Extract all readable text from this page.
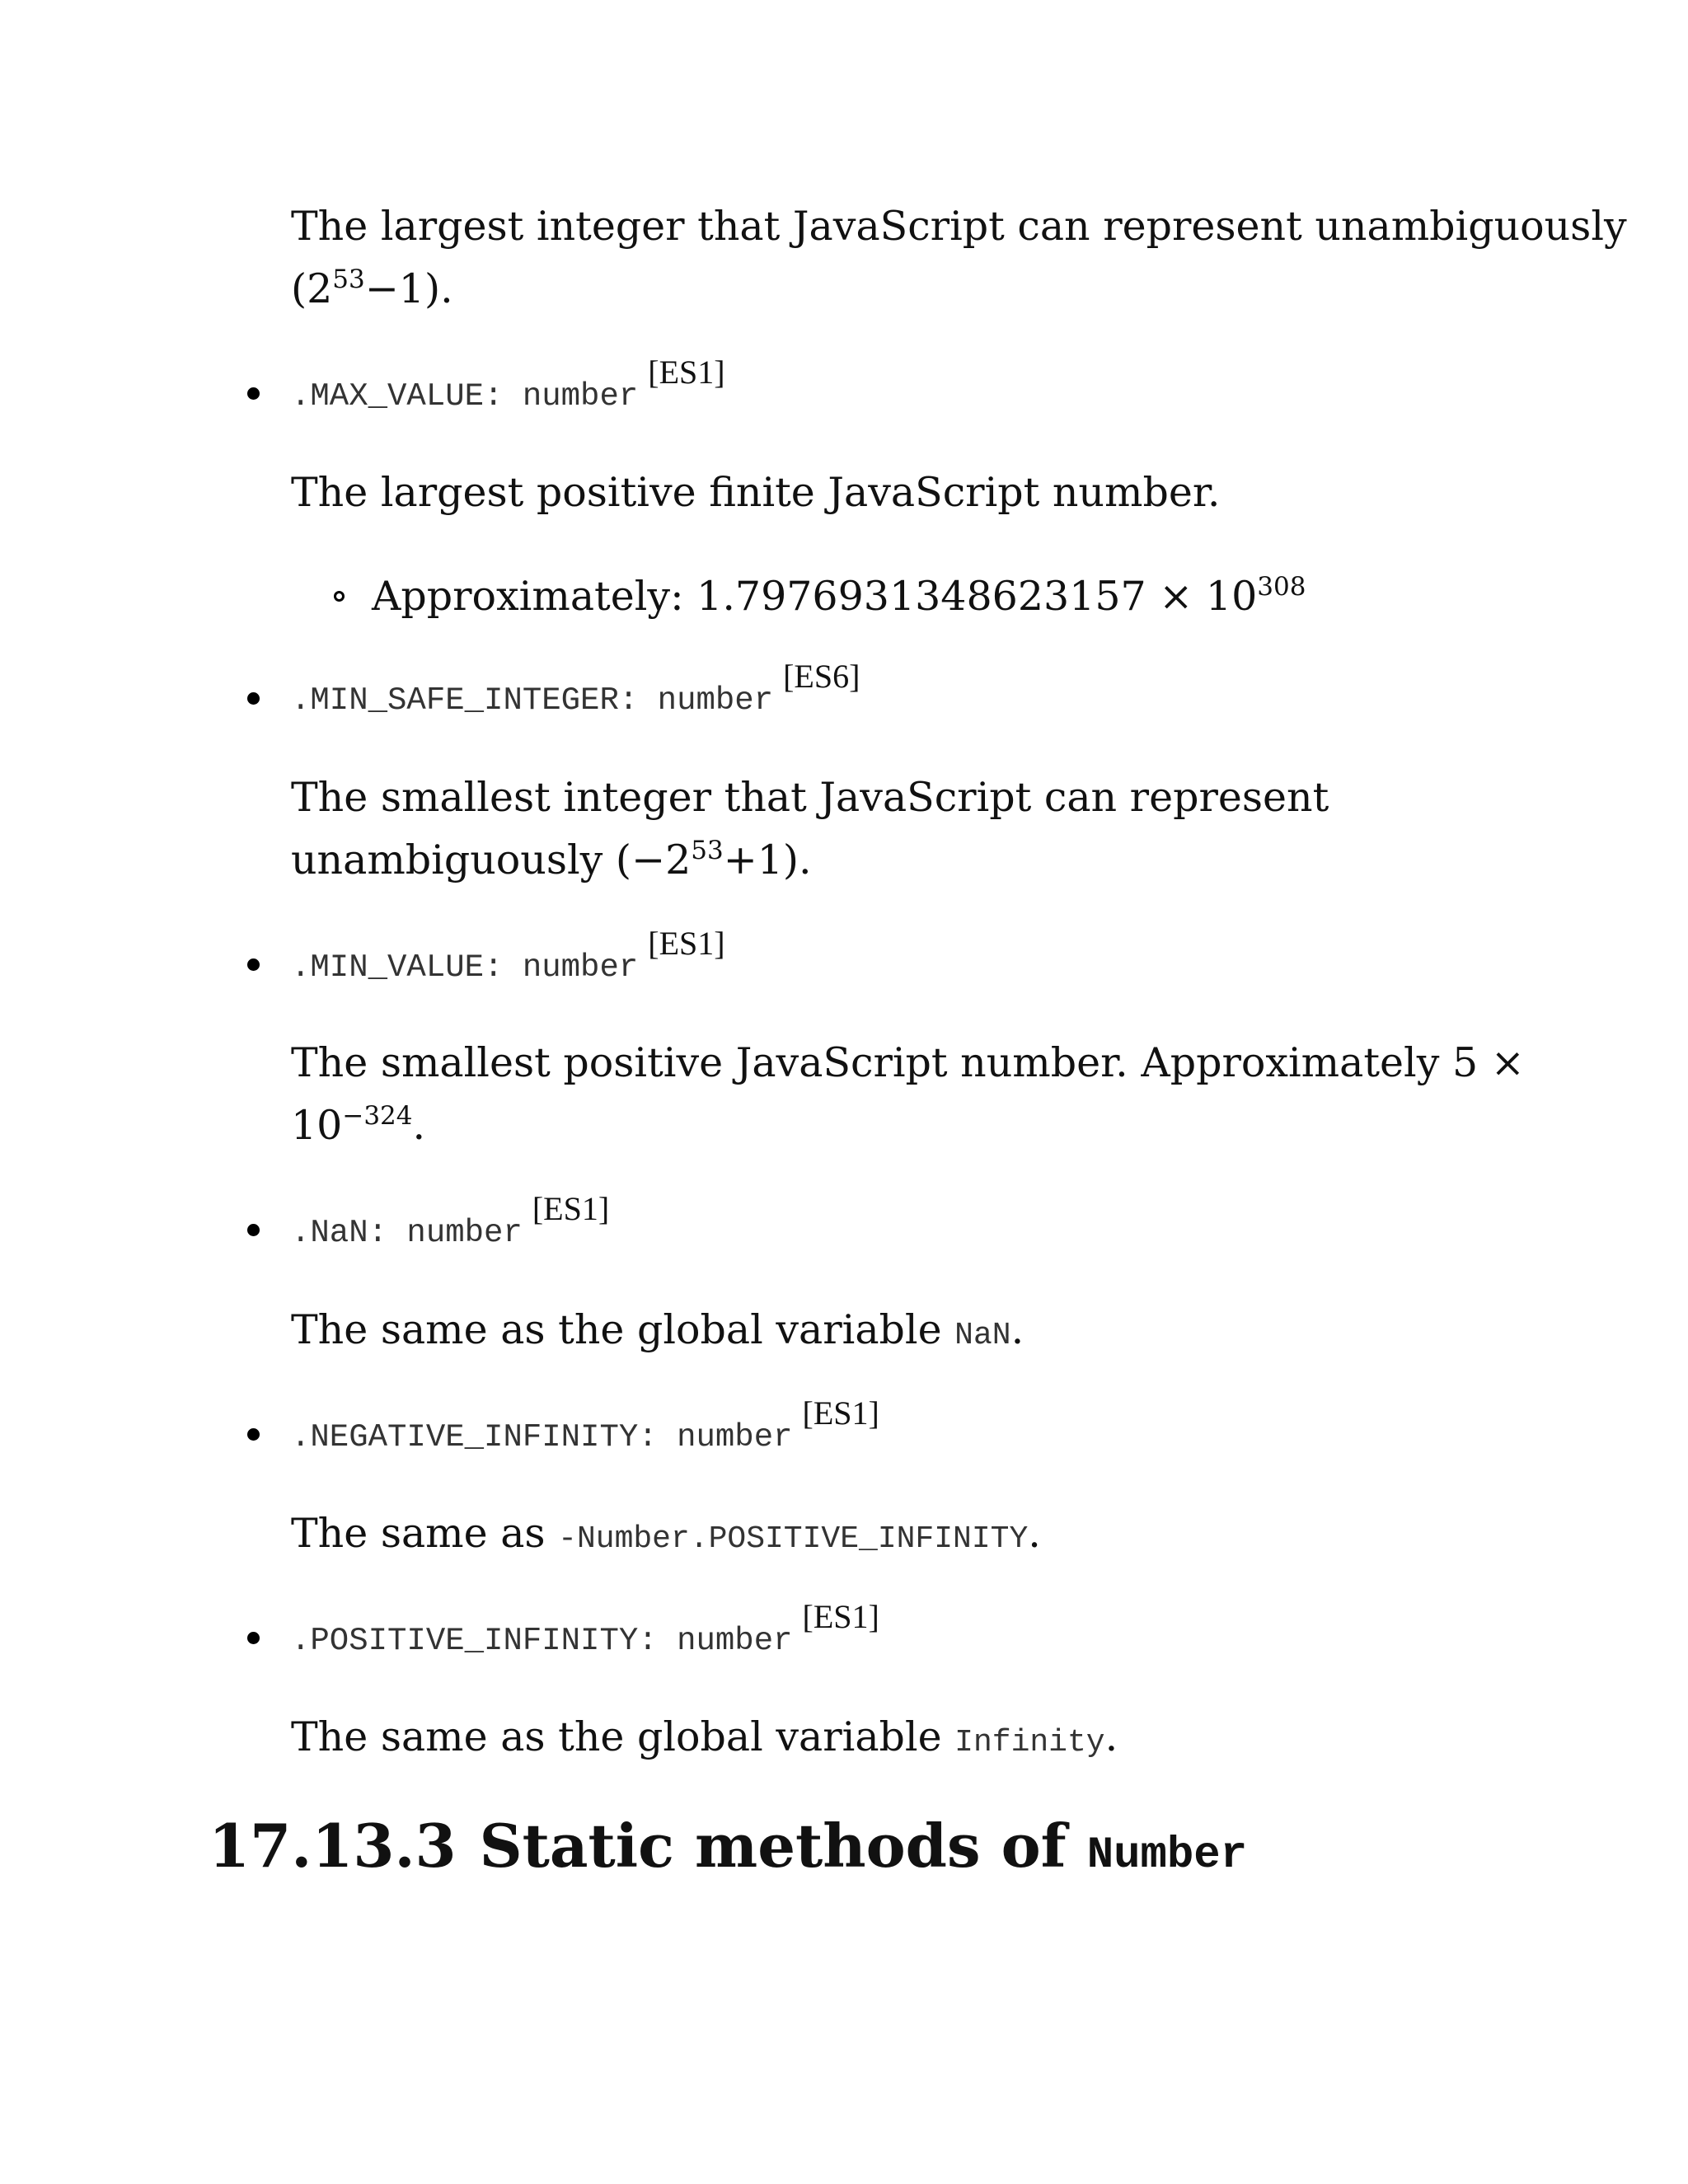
The largest integer that JavaScript can represent unambiguously
$(2^{53}-1)$.
.MAX_VALUE: number[ES1]
The largest positive finite JavaScript number.
Approximately: $1.7976931348623157 \times 10^{308}$
.MIN_SAFE_INTEGER: number[ES6]
The smallest integer that JavaScript can represent
unambiguously $(-2^{53}+1)$.
.MIN_VALUE: number[ES1]
The smallest positive JavaScript number. Approximately 5 ×
$10^{-324}$.
.NaN: number[ES1]
The same as the global variable NaN.
.NEGATIVE_INFINITY: number[ES1]
The same as -Number.POSITIVE_INFINITY.
.POSITIVE_INFINITY: number[ES1]
The same as the global variable Infinity.
17.13.3 Static methods of Number
